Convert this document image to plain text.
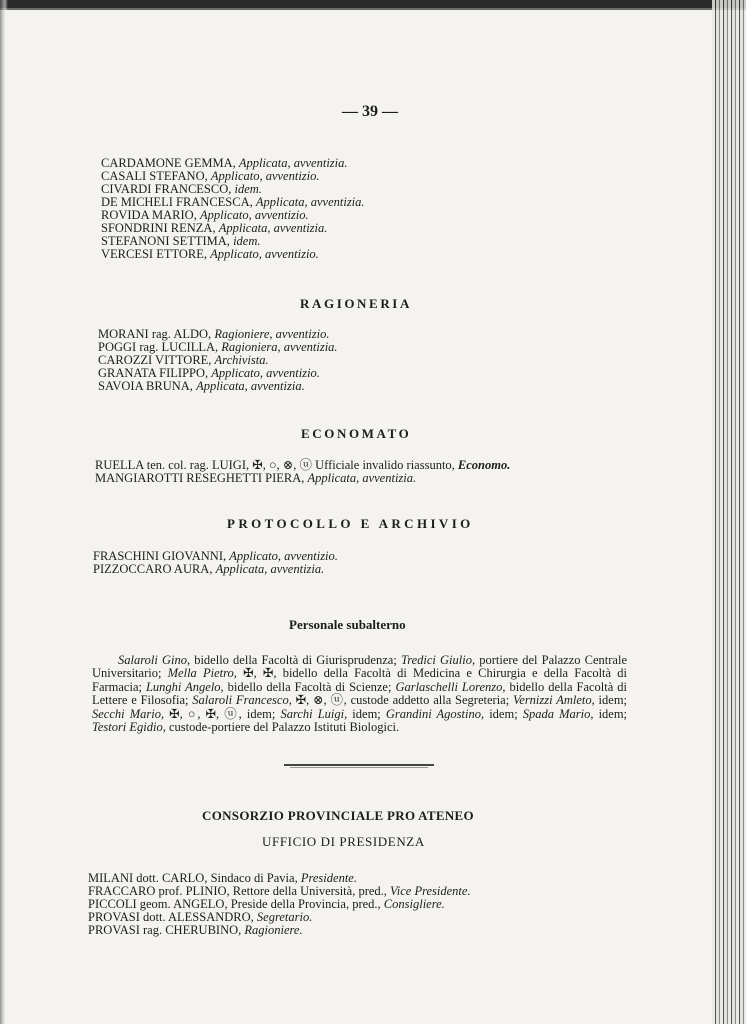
— 39 —
CARDAMONE GEMMA, Applicata, avventizia.
CASALI STEFANO, Applicato, avventizio.
CIVARDI FRANCESCO, idem.
DE MICHELI FRANCESCA, Applicata, avventizia.
ROVIDA MARIO, Applicato, avventizio.
SFONDRINI RENZA, Applicata, avventizia.
STEFANONI SETTIMA, idem.
VERCESI ETTORE, Applicato, avventizio.
RAGIONERIA
MORANI rag. ALDO, Ragioniere, avventizio.
POGGI rag. LUCILLA, Ragioniera, avventizia.
CAROZZI VITTORE, Archivista.
GRANATA FILIPPO, Applicato, avventizio.
SAVOIA BRUNA, Applicata, avventizia.
ECONOMATO
RUELLA ten. col. rag. LUIGI, ✠, ○, ⊗, ⓤ Ufficiale invalido riassunto, Economo.
MANGIAROTTI RESEGHETTI PIERA, Applicata, avventizia.
PROTOCOLLO E ARCHIVIO
FRASCHINI GIOVANNI, Applicato, avventizio.
PIZZOCCARO AURA, Applicata, avventizia.
Personale subalterno
Salaroli Gino, bidello della Facoltà di Giurisprudenza; Tredici Giulio, portiere del Palazzo Centrale Universitario; Mella Pietro, ✠, ✠, bidello della Facoltà di Medicina e Chirurgia e della Facoltà di Farmacia; Lunghi Angelo, bidello della Facoltà di Scienze; Garlaschelli Lorenzo, bidello della Facoltà di Lettere e Filosofia; Salaroli Francesco, ✠, ⊗, ⓤ, custode addetto alla Segreteria; Vernizzi Amleto, idem; Secchi Mario, ✠, ○, ✠, ⓤ, idem; Sarchi Luigi, idem; Grandini Agostino, idem; Spada Mario, idem; Testori Egidio, custode-portiere del Palazzo Istituti Biologici.
CONSORZIO PROVINCIALE PRO ATENEO
UFFICIO DI PRESIDENZA
MILANI dott. CARLO, Sindaco di Pavia, Presidente.
FRACCARO prof. PLINIO, Rettore della Università, pred., Vice Presidente.
PICCOLI geom. ANGELO, Preside della Provincia, pred., Consigliere.
PROVASI dott. ALESSANDRO, Segretario.
PROVASI rag. CHERUBINO, Ragioniere.
